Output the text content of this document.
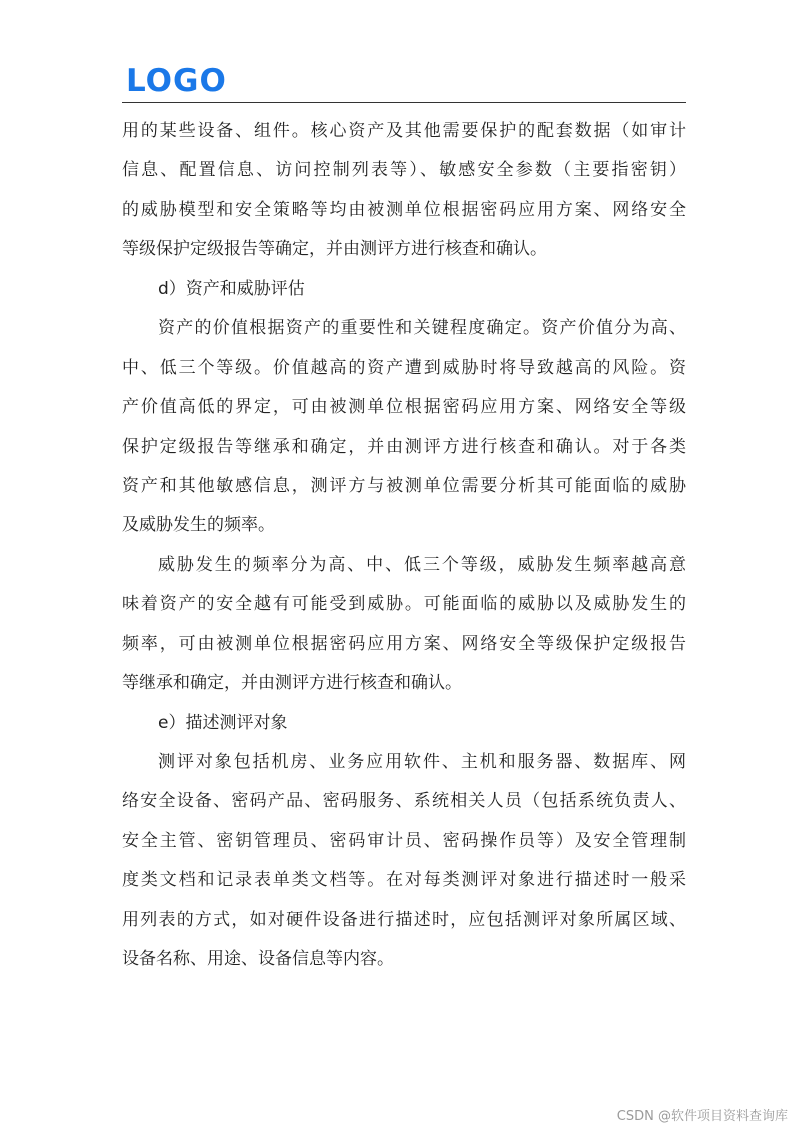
LOGO
用的某些设备、组件。核心资产及其他需要保护的配套数据（如审计
信息、配置信息、访问控制列表等）、敏感安全参数（主要指密钥）
的威胁模型和安全策略等均由被测单位根据密码应用方案、网络安全
等级保护定级报告等确定，并由测评方进行核查和确认。
d）资产和威胁评估
资产的价值根据资产的重要性和关键程度确定。资产价值分为高、
中、低三个等级。价值越高的资产遭到威胁时将导致越高的风险。资
产价值高低的界定，可由被测单位根据密码应用方案、网络安全等级
保护定级报告等继承和确定，并由测评方进行核查和确认。对于各类
资产和其他敏感信息，测评方与被测单位需要分析其可能面临的威胁
及威胁发生的频率。
威胁发生的频率分为高、中、低三个等级，威胁发生频率越高意
味着资产的安全越有可能受到威胁。可能面临的威胁以及威胁发生的
频率，可由被测单位根据密码应用方案、网络安全等级保护定级报告
等继承和确定，并由测评方进行核查和确认。
e）描述测评对象
测评对象包括机房、业务应用软件、主机和服务器、数据库、网
络安全设备、密码产品、密码服务、系统相关人员（包括系统负责人、
安全主管、密钥管理员、密码审计员、密码操作员等）及安全管理制
度类文档和记录表单类文档等。在对每类测评对象进行描述时一般采
用列表的方式，如对硬件设备进行描述时，应包括测评对象所属区域、
设备名称、用途、设备信息等内容。
CSDN @软件项目资料查询库
